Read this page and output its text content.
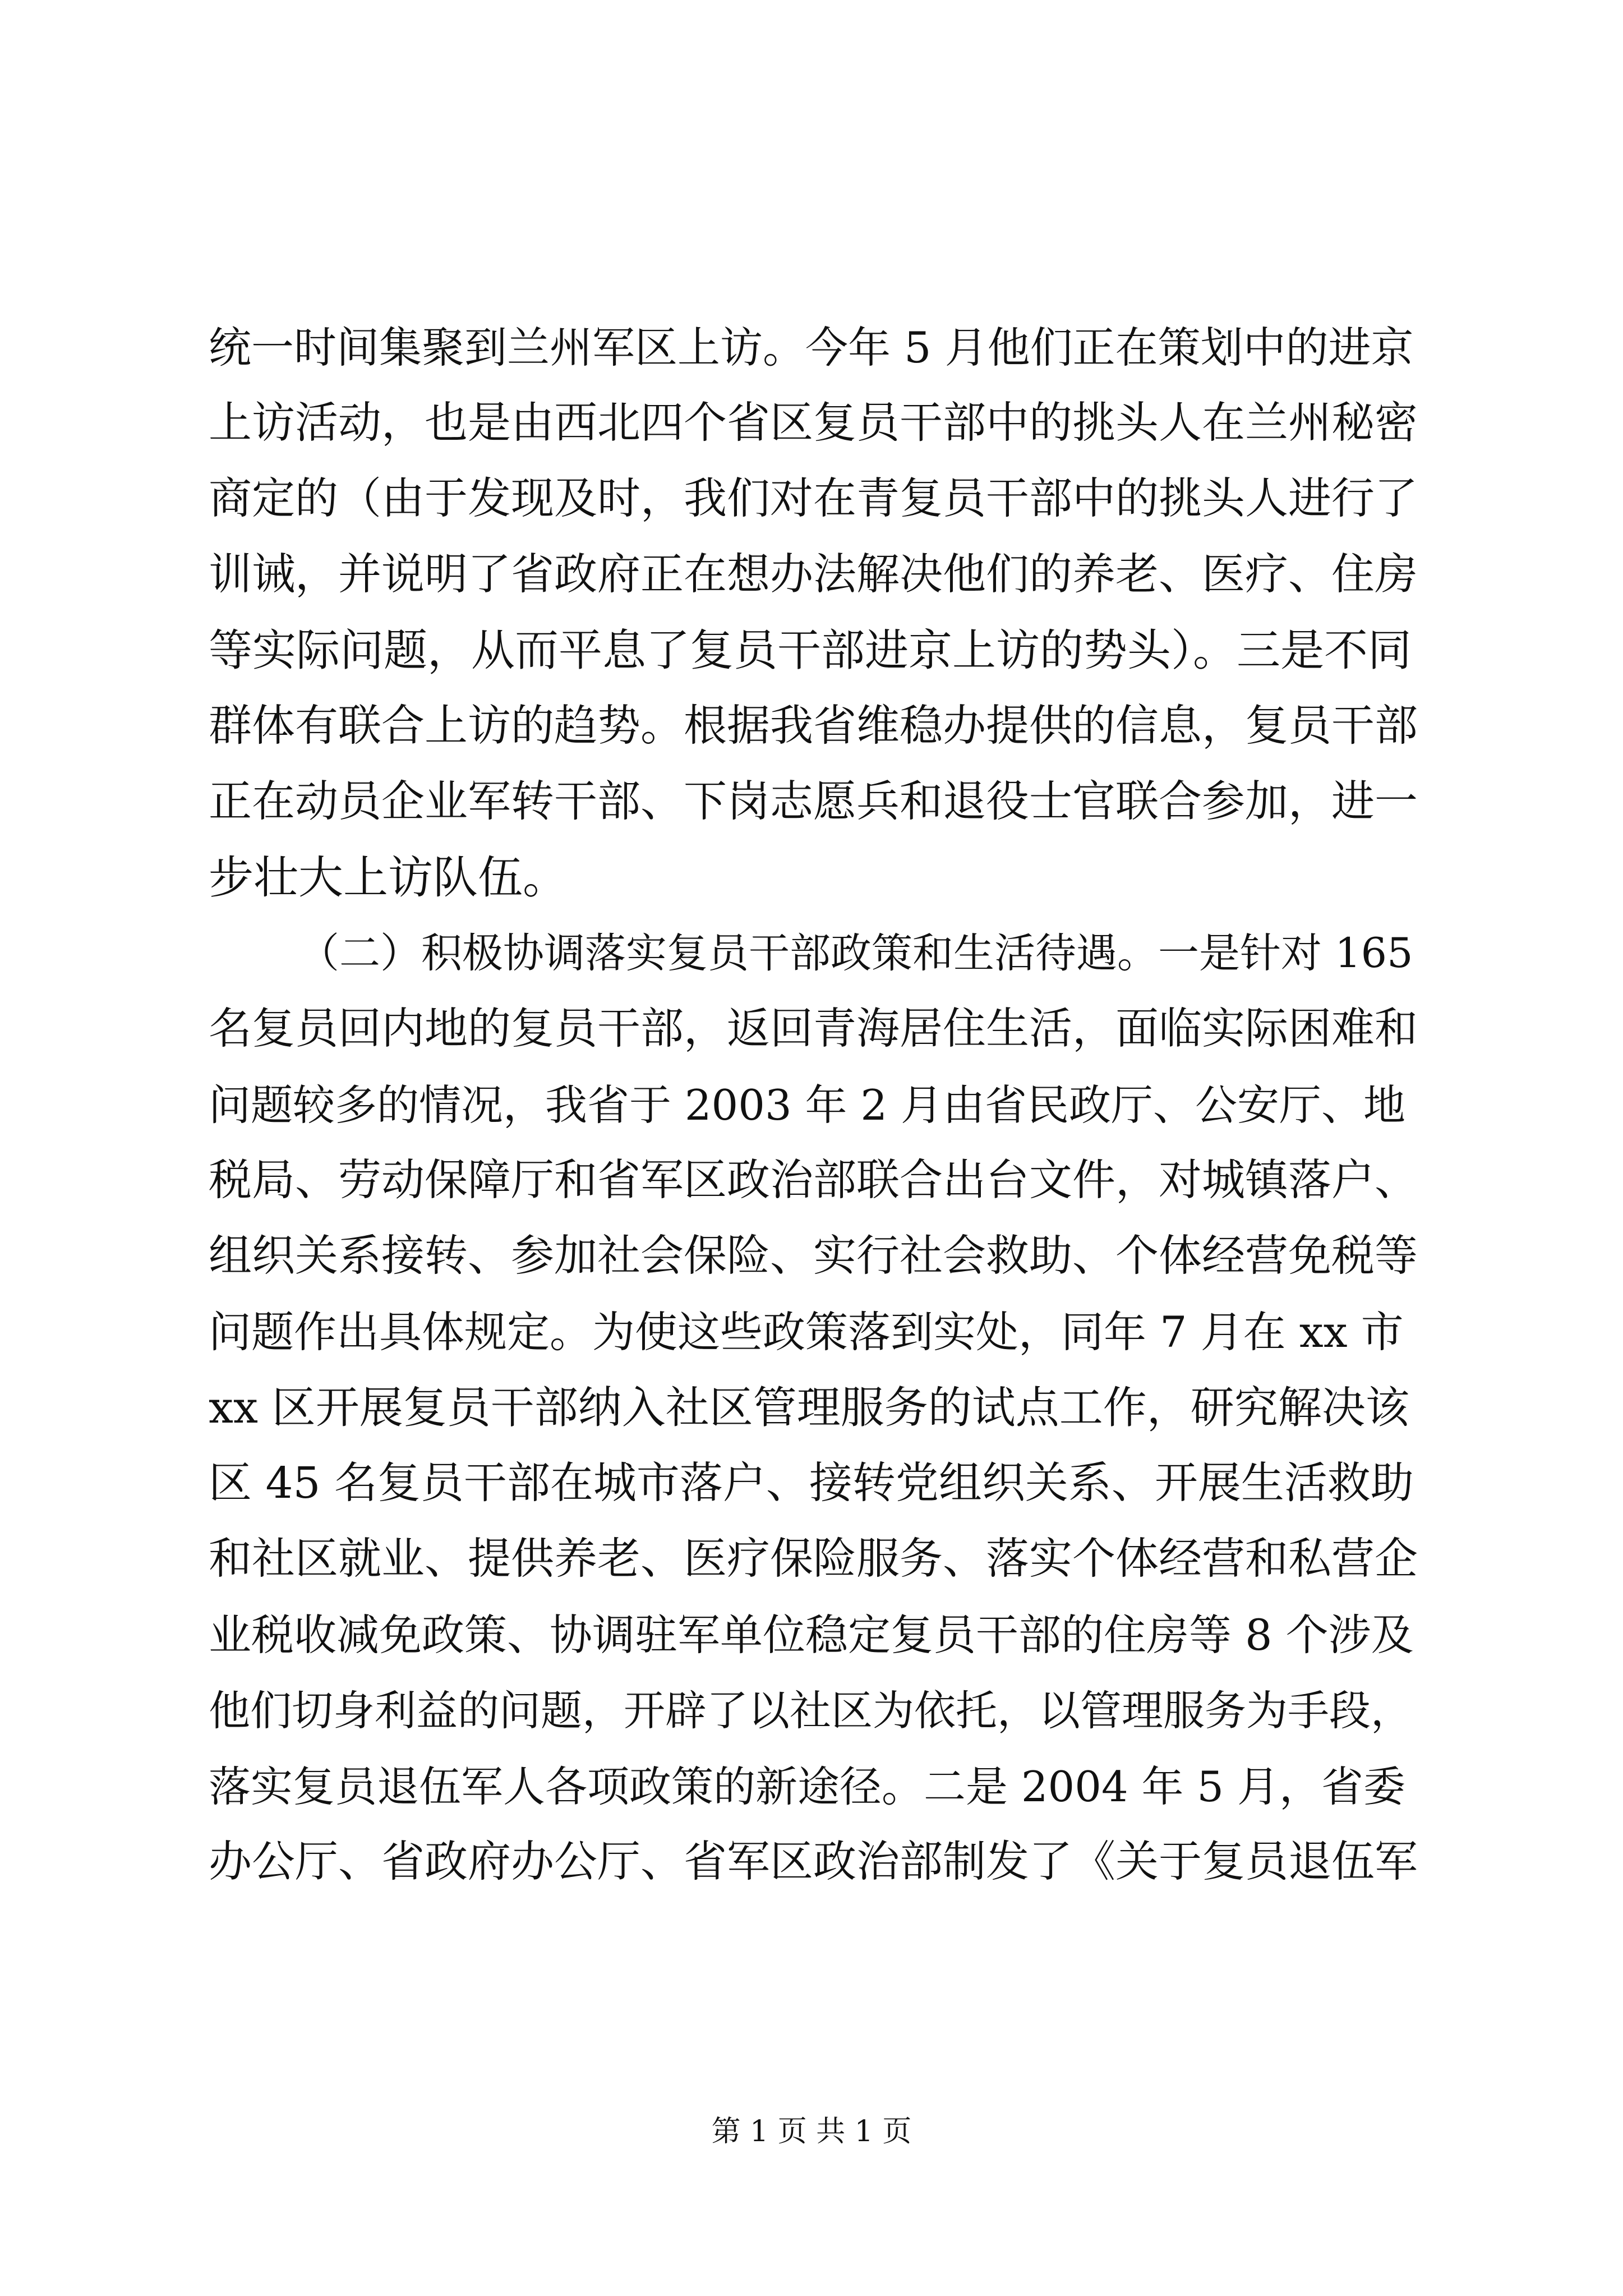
统一时间集聚到兰州军区上访。今年 5 月他们正在策划中的进京
上访活动，也是由西北四个省区复员干部中的挑头人在兰州秘密
商定的（由于发现及时，我们对在青复员干部中的挑头人进行了
训诫，并说明了省政府正在想办法解决他们的养老、医疗、住房
等实际问题，从而平息了复员干部进京上访的势头）。三是不同
群体有联合上访的趋势。根据我省维稳办提供的信息，复员干部
正在动员企业军转干部、下岗志愿兵和退役士官联合参加，进一
步壮大上访队伍。
（二）积极协调落实复员干部政策和生活待遇。一是针对 165
名复员回内地的复员干部，返回青海居住生活，面临实际困难和
问题较多的情况，我省于 2003 年 2 月由省民政厅、公安厅、地
税局、劳动保障厅和省军区政治部联合出台文件，对城镇落户、
组织关系接转、参加社会保险、实行社会救助、个体经营免税等
问题作出具体规定。为使这些政策落到实处，同年 7 月在 xx 市
xx 区开展复员干部纳入社区管理服务的试点工作，研究解决该
区 45 名复员干部在城市落户、接转党组织关系、开展生活救助
和社区就业、提供养老、医疗保险服务、落实个体经营和私营企
业税收减免政策、协调驻军单位稳定复员干部的住房等 8 个涉及
他们切身利益的问题，开辟了以社区为依托，以管理服务为手段，
落实复员退伍军人各项政策的新途径。二是 2004 年 5 月，省委
办公厅、省政府办公厅、省军区政治部制发了《关于复员退伍军
第 1 页 共 1 页
